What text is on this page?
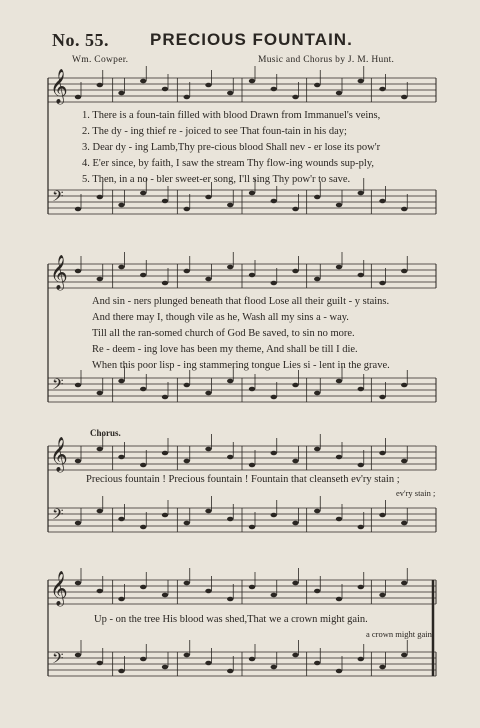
No. 55. PRECIOUS FOUNTAIN.
Wm. Cowper.	Music and Chorus by J. M. Hunt.
𝄞
𝄢
𝄞
𝄢
𝄞
𝄢
𝄞
𝄢
1. There is a foun-tain filled with blood Drawn from Immanuel's veins,
2. The dy - ing thief re - joiced to see That foun-tain in his day;
3. Dear dy - ing Lamb,Thy pre-cious blood Shall nev - er lose its pow'r
4. E'er since, by faith, I saw the stream Thy flow-ing wounds sup-ply,
5. Then, in a no - bler sweet-er song, I'll sing Thy pow'r to save.
And sin - ners plunged beneath that flood Lose all their guilt - y stains.
And there may I, though vile as he, Wash all my sins a - way.
Till all the ran-somed church of God Be saved, to sin no more.
Re - deem - ing love has been my theme, And shall be till I die.
When this poor lisp - ing stammering tongue Lies si - lent in the grave.
Chorus.
Precious fountain ! Precious fountain ! Fountain that cleanseth ev'ry stain ;
ev'ry stain ;
Up - on the tree His blood was shed,That we a crown might gain.
a crown might gain.
